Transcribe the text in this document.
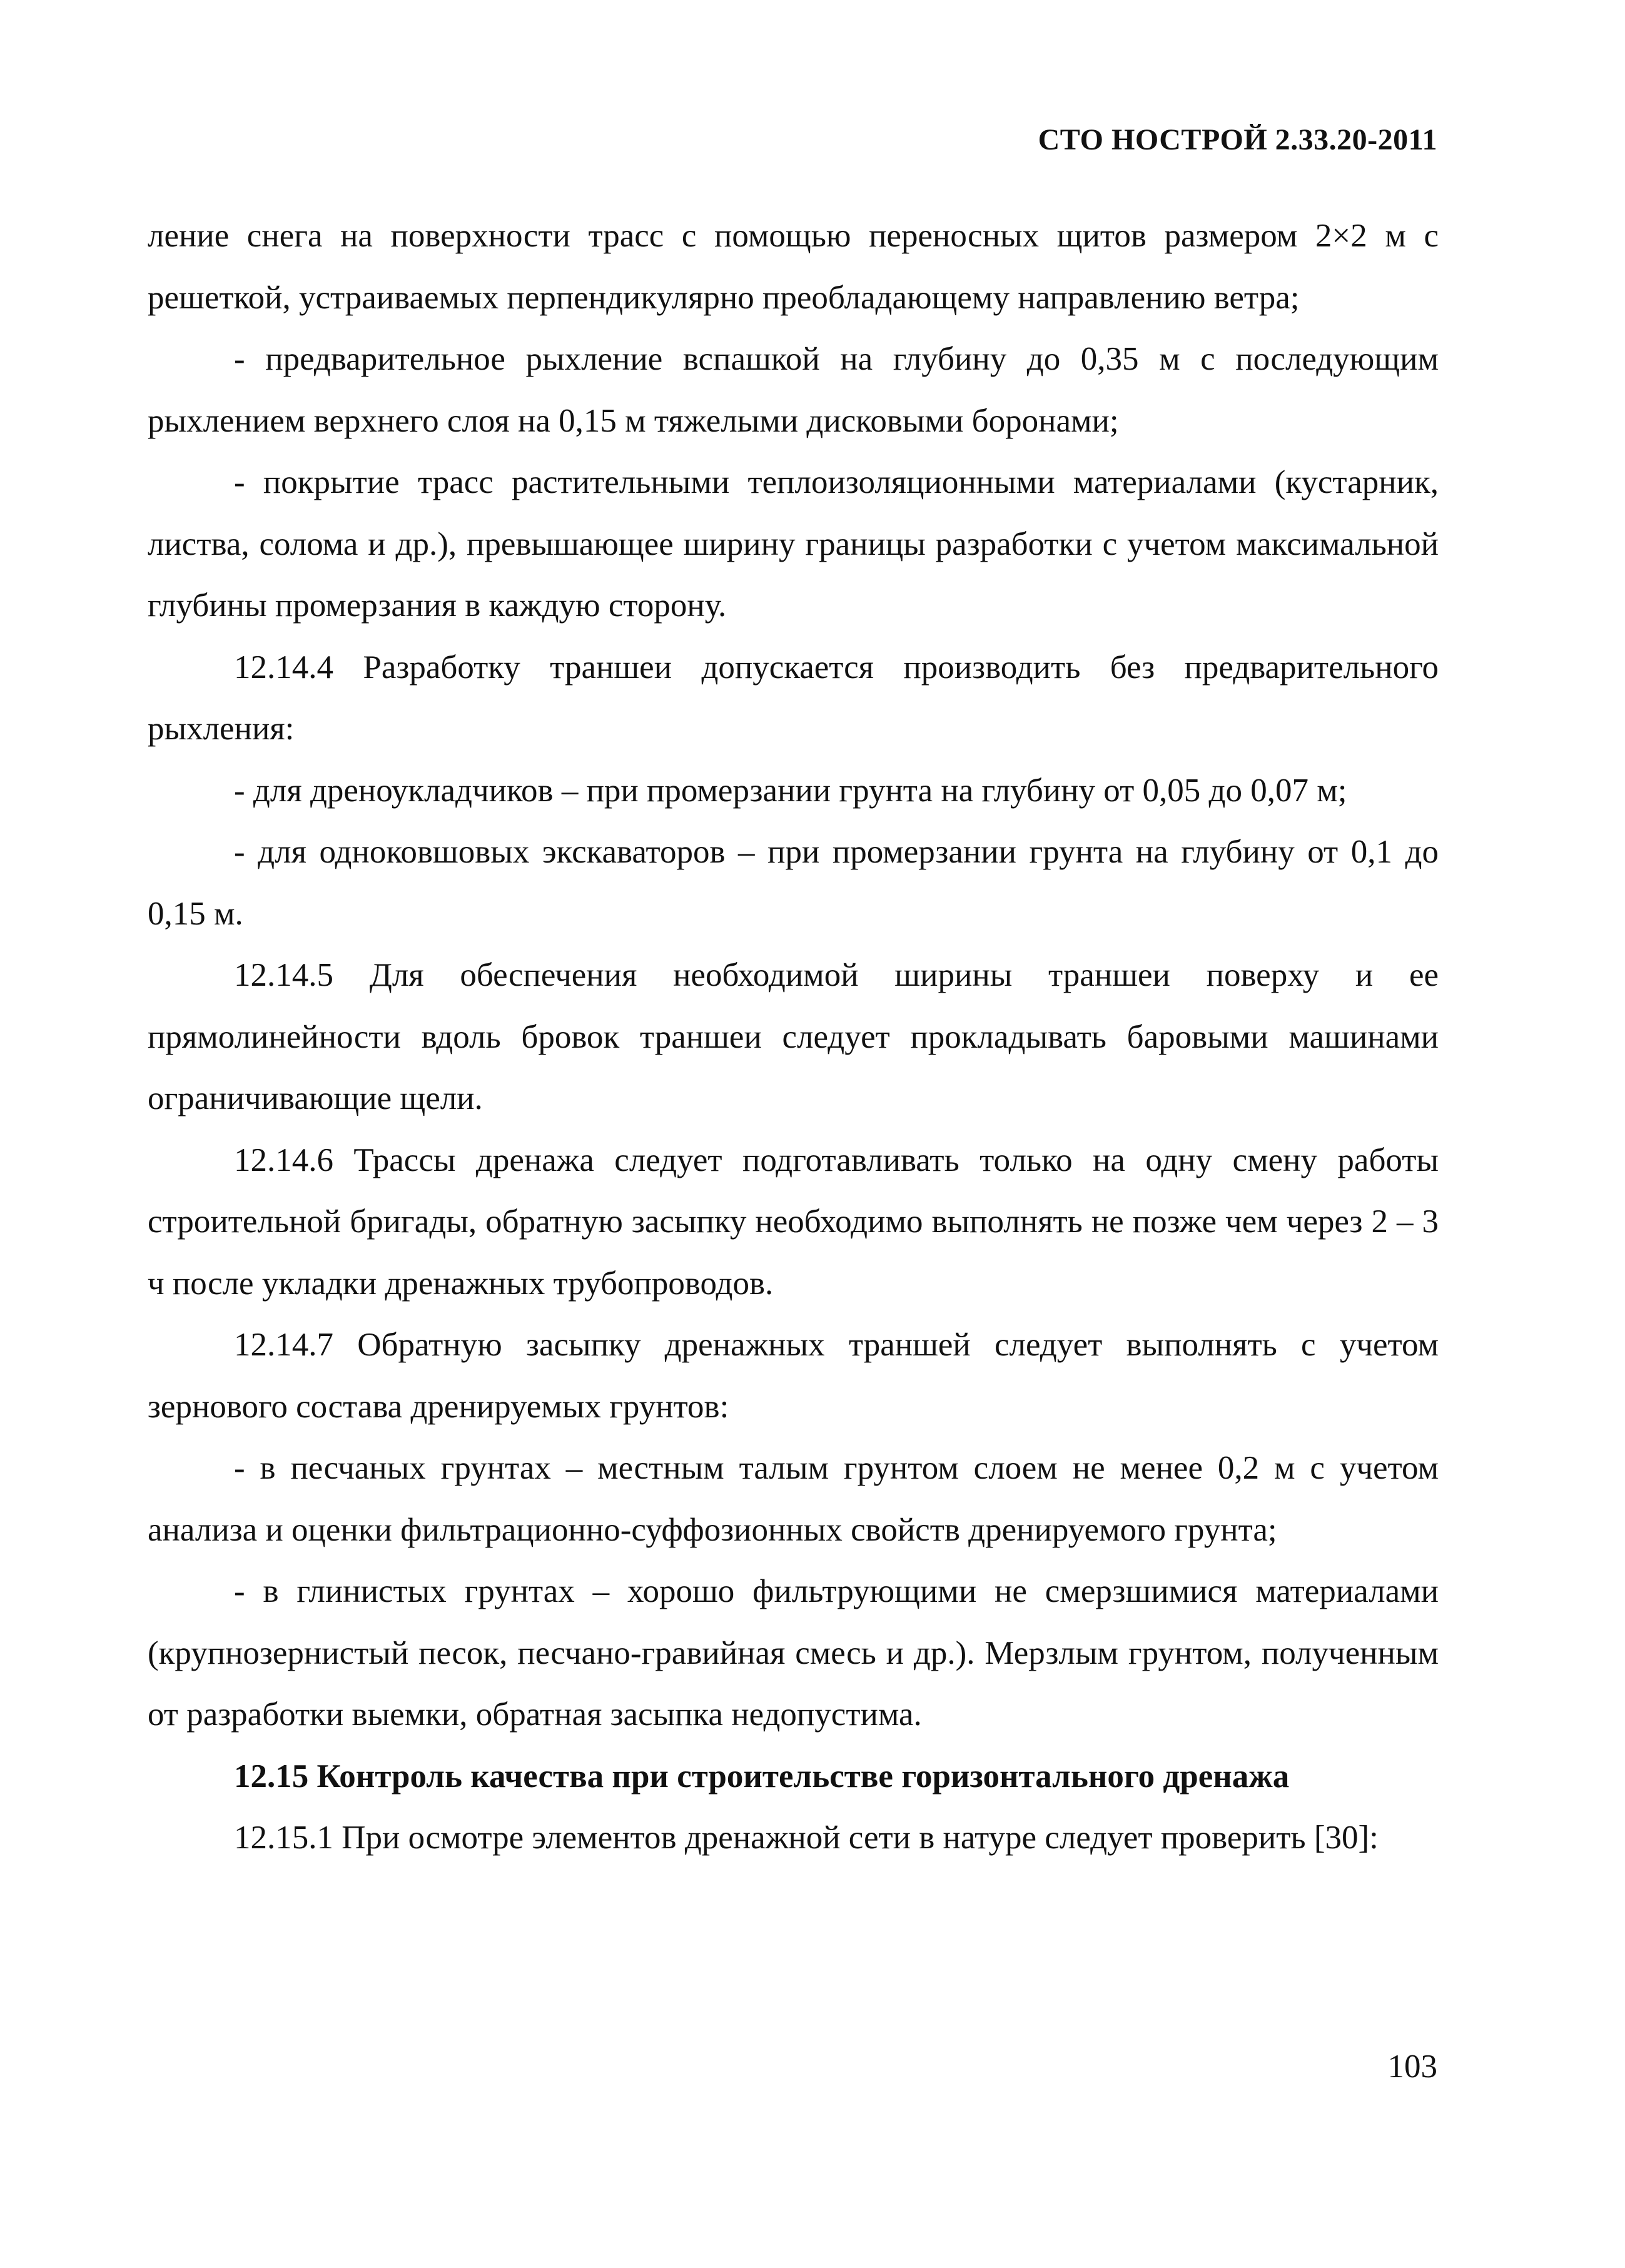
СТО НОСТРОЙ 2.33.20-2011

ление снега на поверхности трасс с помощью переносных щитов размером 2×2 м с решеткой, устраиваемых перпендикулярно преобладающему направлению ветра;

- предварительное рыхление вспашкой на глубину до 0,35 м с последующим рыхлением верхнего слоя на 0,15 м тяжелыми дисковыми боронами;

- покрытие трасс растительными теплоизоляционными материалами (кустарник, листва, солома и др.), превышающее ширину границы разработки с учетом максимальной глубины промерзания в каждую сторону.

12.14.4 Разработку траншеи допускается производить без предварительного рыхления:

- для дреноукладчиков – при промерзании грунта на глубину от 0,05 до 0,07 м;

- для одноковшовых экскаваторов – при промерзании грунта на глубину от 0,1 до 0,15 м.

12.14.5 Для обеспечения необходимой ширины траншеи поверху и ее прямолинейности вдоль бровок траншеи следует прокладывать баровыми машинами ограничивающие щели.

12.14.6 Трассы дренажа следует подготавливать только на одну смену работы строительной бригады, обратную засыпку необходимо выполнять не позже чем через 2 – 3 ч после укладки дренажных трубопроводов.

12.14.7 Обратную засыпку дренажных траншей следует выполнять с учетом зернового состава дренируемых грунтов:

- в песчаных грунтах – местным талым грунтом слоем не менее 0,2 м с учетом анализа и оценки фильтрационно-суффозионных свойств дренируемого грунта;

- в глинистых грунтах – хорошо фильтрующими не смерзшимися материалами (крупнозернистый песок, песчано-гравийная смесь и др.). Мерзлым грунтом, полученным от разработки выемки, обратная засыпка недопустима.

12.15 Контроль качества при строительстве горизонтального дренажа

12.15.1 При осмотре элементов дренажной сети в натуре следует проверить [30]:

103
